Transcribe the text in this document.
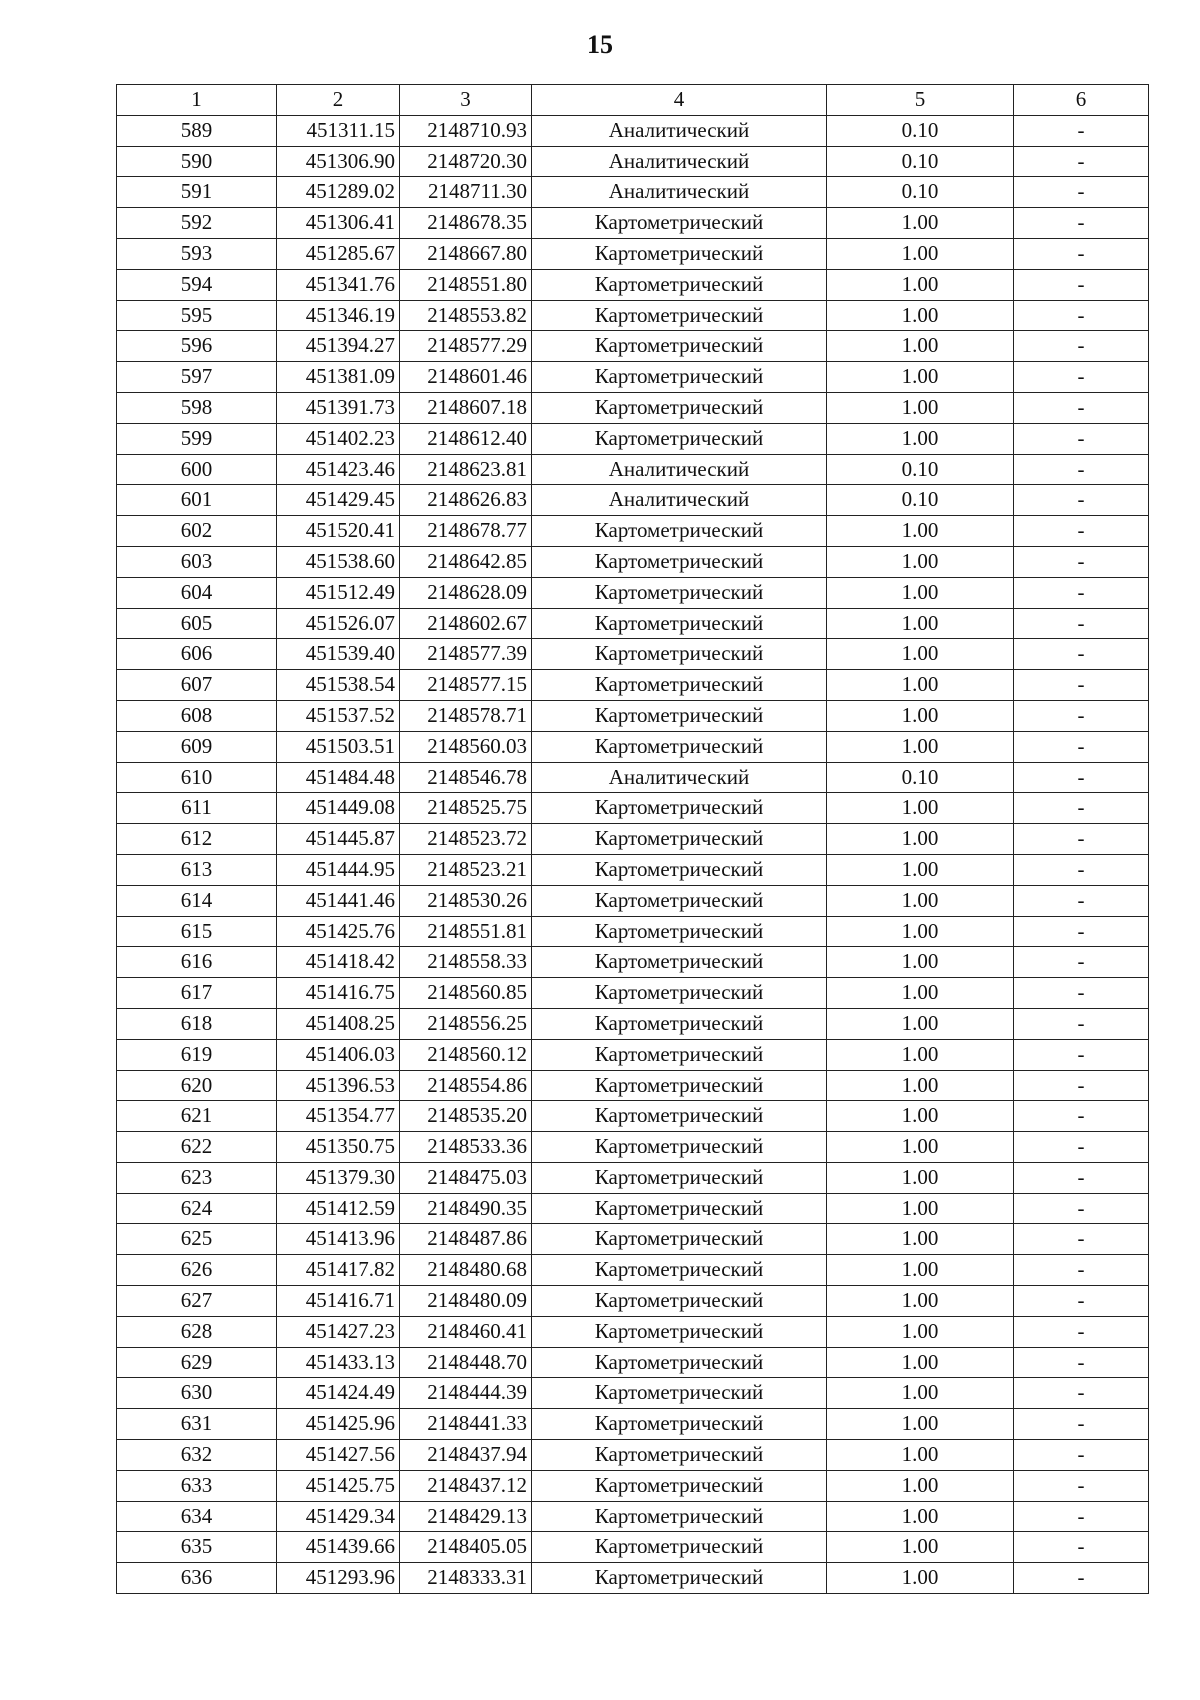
15
1	2	3	4	5	6
589	451311.15	2148710.93	Аналитический	0.10	-
590	451306.90	2148720.30	Аналитический	0.10	-
591	451289.02	2148711.30	Аналитический	0.10	-
592	451306.41	2148678.35	Картометрический	1.00	-
593	451285.67	2148667.80	Картометрический	1.00	-
594	451341.76	2148551.80	Картометрический	1.00	-
595	451346.19	2148553.82	Картометрический	1.00	-
596	451394.27	2148577.29	Картометрический	1.00	-
597	451381.09	2148601.46	Картометрический	1.00	-
598	451391.73	2148607.18	Картометрический	1.00	-
599	451402.23	2148612.40	Картометрический	1.00	-
600	451423.46	2148623.81	Аналитический	0.10	-
601	451429.45	2148626.83	Аналитический	0.10	-
602	451520.41	2148678.77	Картометрический	1.00	-
603	451538.60	2148642.85	Картометрический	1.00	-
604	451512.49	2148628.09	Картометрический	1.00	-
605	451526.07	2148602.67	Картометрический	1.00	-
606	451539.40	2148577.39	Картометрический	1.00	-
607	451538.54	2148577.15	Картометрический	1.00	-
608	451537.52	2148578.71	Картометрический	1.00	-
609	451503.51	2148560.03	Картометрический	1.00	-
610	451484.48	2148546.78	Аналитический	0.10	-
611	451449.08	2148525.75	Картометрический	1.00	-
612	451445.87	2148523.72	Картометрический	1.00	-
613	451444.95	2148523.21	Картометрический	1.00	-
614	451441.46	2148530.26	Картометрический	1.00	-
615	451425.76	2148551.81	Картометрический	1.00	-
616	451418.42	2148558.33	Картометрический	1.00	-
617	451416.75	2148560.85	Картометрический	1.00	-
618	451408.25	2148556.25	Картометрический	1.00	-
619	451406.03	2148560.12	Картометрический	1.00	-
620	451396.53	2148554.86	Картометрический	1.00	-
621	451354.77	2148535.20	Картометрический	1.00	-
622	451350.75	2148533.36	Картометрический	1.00	-
623	451379.30	2148475.03	Картометрический	1.00	-
624	451412.59	2148490.35	Картометрический	1.00	-
625	451413.96	2148487.86	Картометрический	1.00	-
626	451417.82	2148480.68	Картометрический	1.00	-
627	451416.71	2148480.09	Картометрический	1.00	-
628	451427.23	2148460.41	Картометрический	1.00	-
629	451433.13	2148448.70	Картометрический	1.00	-
630	451424.49	2148444.39	Картометрический	1.00	-
631	451425.96	2148441.33	Картометрический	1.00	-
632	451427.56	2148437.94	Картометрический	1.00	-
633	451425.75	2148437.12	Картометрический	1.00	-
634	451429.34	2148429.13	Картометрический	1.00	-
635	451439.66	2148405.05	Картометрический	1.00	-
636	451293.96	2148333.31	Картометрический	1.00	-
